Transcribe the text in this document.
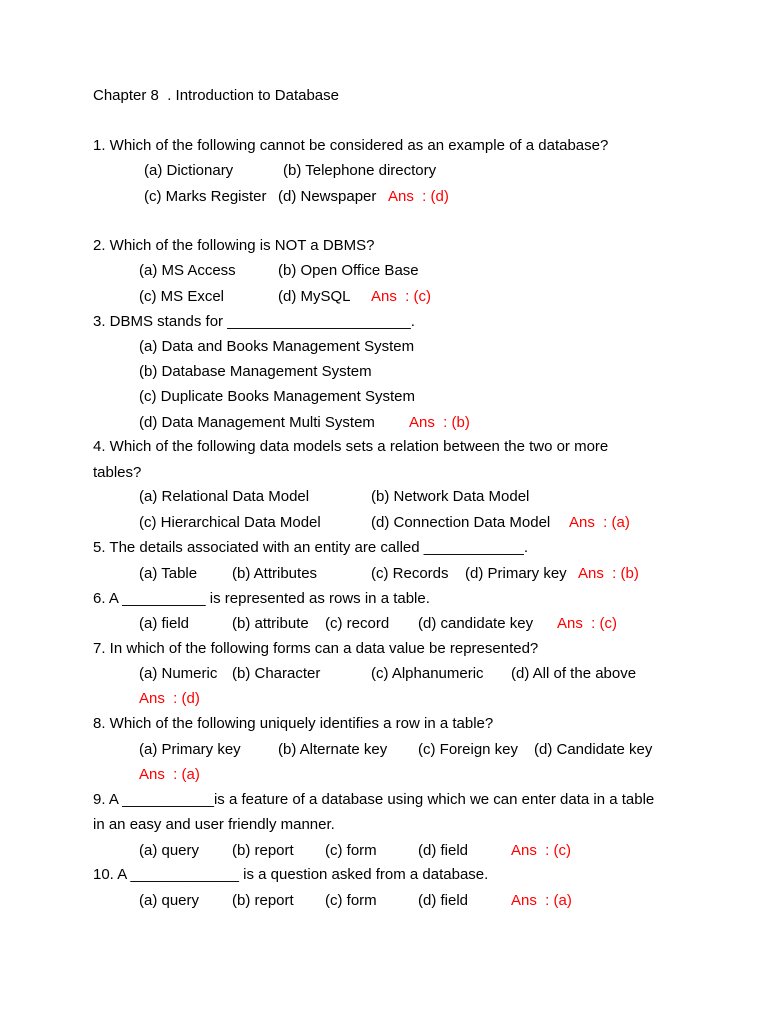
Chapter 8  . Introduction to Database
1. Which of the following cannot be considered as an example of a database?
(a) Dictionary	(b) Telephone directory
(c) Marks Register (d) Newspaper Ans  : (d)
2. Which of the following is NOT a DBMS?
(a) MS Access	(b) Open Office Base
(c) MS Excel	(d) MySQL Ans  : (c)
3. DBMS stands for ______________________.
(a) Data and Books Management System
(b) Database Management System
(c) Duplicate Books Management System
(d) Data Management Multi System Ans  : (b)
4. Which of the following data models sets a relation between the two or more
tables?
(a) Relational Data Model	(b) Network Data Model
(c) Hierarchical Data Model	(d) Connection Data Model Ans  : (a)
5. The details associated with an entity are called ____________.
(a) Table (b) Attributes	(c) Records (d) Primary key Ans  : (b)
6. A __________ is represented as rows in a table.
(a) field	(b) attribute (c) record (d) candidate key Ans  : (c)
7. In which of the following forms can a data value be represented?
(a) Numeric (b) Character	(c) Alphanumeric (d) All of the above
Ans  : (d)
8. Which of the following uniquely identifies a row in a table?
(a) Primary key (b) Alternate key (c) Foreign key (d) Candidate key
Ans  : (a)
9. A ___________is a feature of a database using which we can enter data in a table
in an easy and user friendly manner.
(a) query (b) report (c) form	(d) field	Ans  : (c)
10. A _____________ is a question asked from a database.
(a) query (b) report (c) form	(d) field	Ans  : (a)
